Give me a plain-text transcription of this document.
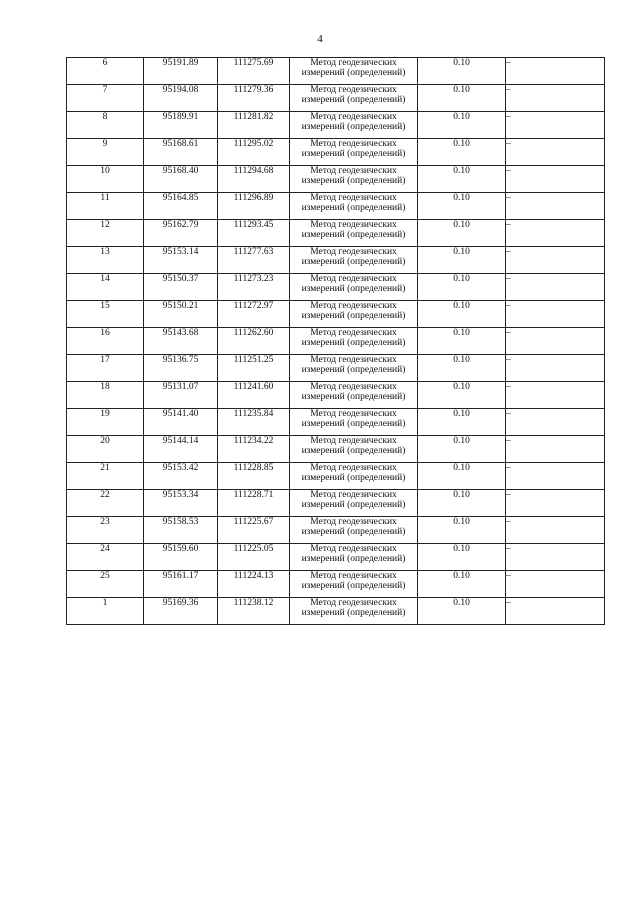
4
6	95191.89	111275.69	Метод геодезических
измерений (определений)	0.10	–
7	95194.08	111279.36	Метод геодезических
измерений (определений)	0.10	–
8	95189.91	111281.82	Метод геодезических
измерений (определений)	0.10	–
9	95168.61	111295.02	Метод геодезических
измерений (определений)	0.10	–
10	95168.40	111294.68	Метод геодезических
измерений (определений)	0.10	–
11	95164.85	111296.89	Метод геодезических
измерений (определений)	0.10	–
12	95162.79	111293.45	Метод геодезических
измерений (определений)	0.10	–
13	95153.14	111277.63	Метод геодезических
измерений (определений)	0.10	–
14	95150.37	111273.23	Метод геодезических
измерений (определений)	0.10	–
15	95150.21	111272.97	Метод геодезических
измерений (определений)	0.10	–
16	95143.68	111262.60	Метод геодезических
измерений (определений)	0.10	–
17	95136.75	111251.25	Метод геодезических
измерений (определений)	0.10	–
18	95131.07	111241.60	Метод геодезических
измерений (определений)	0.10	–
19	95141.40	111235.84	Метод геодезических
измерений (определений)	0.10	–
20	95144.14	111234.22	Метод геодезических
измерений (определений)	0.10	–
21	95153.42	111228.85	Метод геодезических
измерений (определений)	0.10	–
22	95153.34	111228.71	Метод геодезических
измерений (определений)	0.10	–
23	95158.53	111225.67	Метод геодезических
измерений (определений)	0.10	–
24	95159.60	111225.05	Метод геодезических
измерений (определений)	0.10	–
25	95161.17	111224.13	Метод геодезических
измерений (определений)	0.10	–
1	95169.36	111238.12	Метод геодезических
измерений (определений)	0.10	–
